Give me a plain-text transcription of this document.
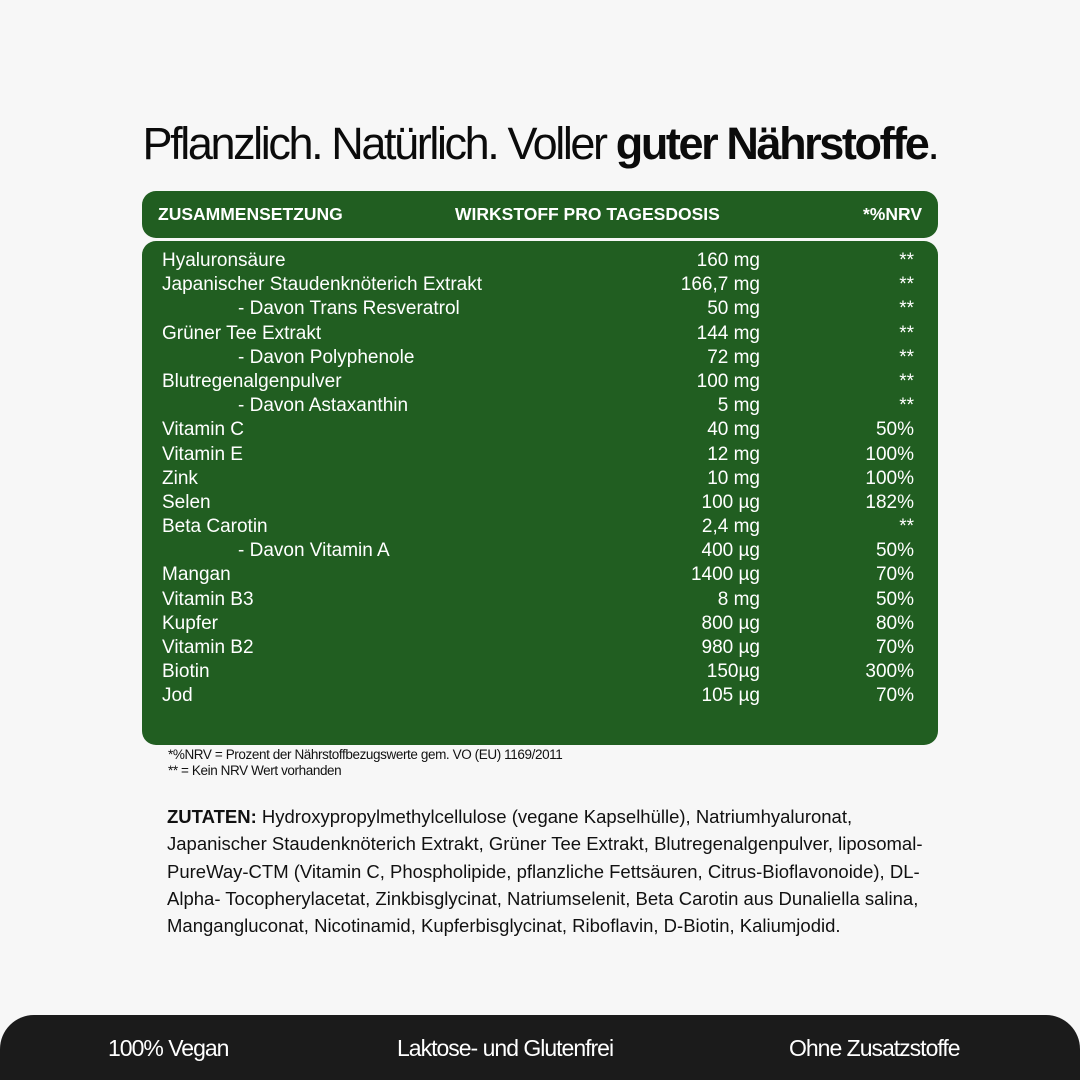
Pflanzlich. Natürlich. Voller guter Nährstoffe.
ZUSAMMENSETZUNG	WIRKSTOFF PRO TAGESDOSIS	*%NRV
Hyaluronsäure	160 mg	**
Japanischer Staudenknöterich Extrakt	166,7 mg	**
- Davon Trans Resveratrol	50 mg	**
Grüner Tee Extrakt	144 mg	**
- Davon Polyphenole	72 mg	**
Blutregenalgenpulver	100 mg	**
- Davon Astaxanthin	5 mg	**
Vitamin C	40 mg	50%
Vitamin E	12 mg	100%
Zink	10 mg	100%
Selen	100 µg	182%
Beta Carotin	2,4 mg	**
- Davon Vitamin A	400 µg	50%
Mangan	1400 µg	70%
Vitamin B3	8 mg	50%
Kupfer	800 µg	80%
Vitamin B2	980 µg	70%
Biotin	150µg	300%
Jod	105 µg	70%
*%NRV = Prozent der Nährstoffbezugswerte gem. VO (EU) 1169/2011
** = Kein NRV Wert vorhanden
ZUTATEN: Hydroxypropylmethylcellulose (vegane Kapselhülle), Natriumhyaluronat, Japanischer Staudenknöterich Extrakt, Grüner Tee Extrakt, Blutregenalgenpulver, liposomal-PureWay-CTM (Vitamin C, Phospholipide, pflanzliche Fettsäuren, Citrus-Bioflavonoide), DL-Alpha- Tocopherylacetat, Zinkbisglycinat, Natriumselenit, Beta Carotin aus Dunaliella salina, Mangangluconat, Nicotinamid, Kupferbisglycinat, Riboflavin, D-Biotin, Kaliumjodid.
100% Vegan	Laktose- und Glutenfrei	Ohne Zusatzstoffe
